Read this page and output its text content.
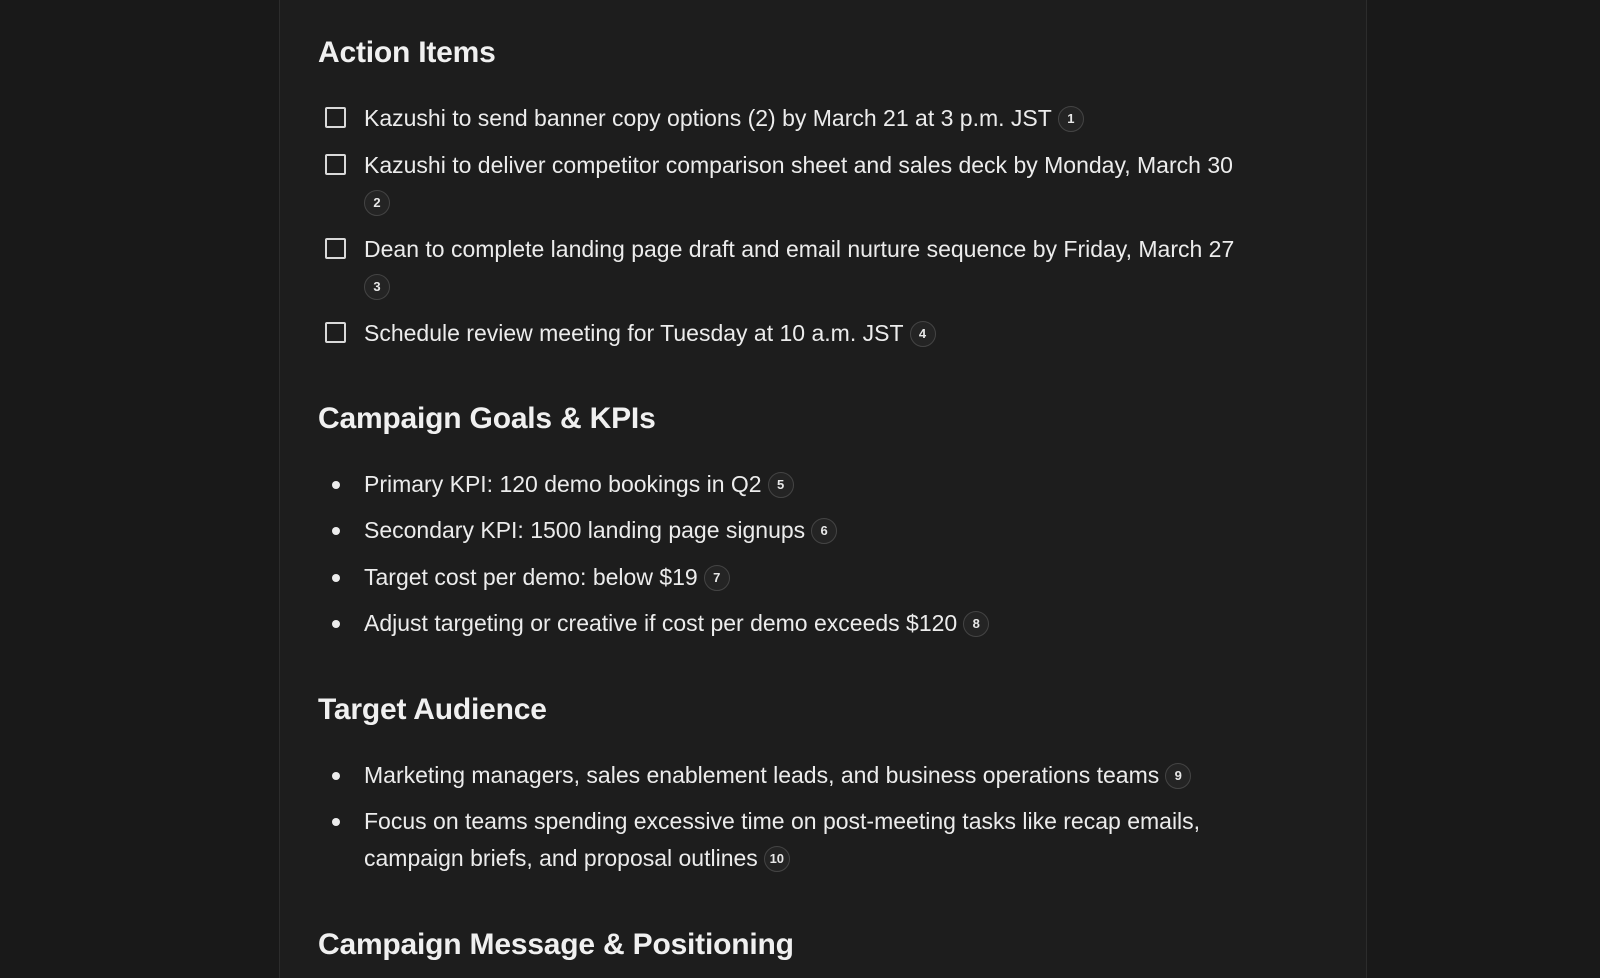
Action Items
Kazushi to send banner copy options (2) by March 21 at 3 p.m. JST 1
Kazushi to deliver competitor comparison sheet and sales deck by Monday, March 30
2
Dean to complete landing page draft and email nurture sequence by Friday, March 27
3
Schedule review meeting for Tuesday at 10 a.m. JST 4
Campaign Goals & KPIs
Primary KPI: 120 demo bookings in Q2 5
Secondary KPI: 1500 landing page signups 6
Target cost per demo: below $19 7
Adjust targeting or creative if cost per demo exceeds $120 8
Target Audience
Marketing managers, sales enablement leads, and business operations teams 9
Focus on teams spending excessive time on post-meeting tasks like recap emails,
campaign briefs, and proposal outlines 10
Campaign Message & Positioning
